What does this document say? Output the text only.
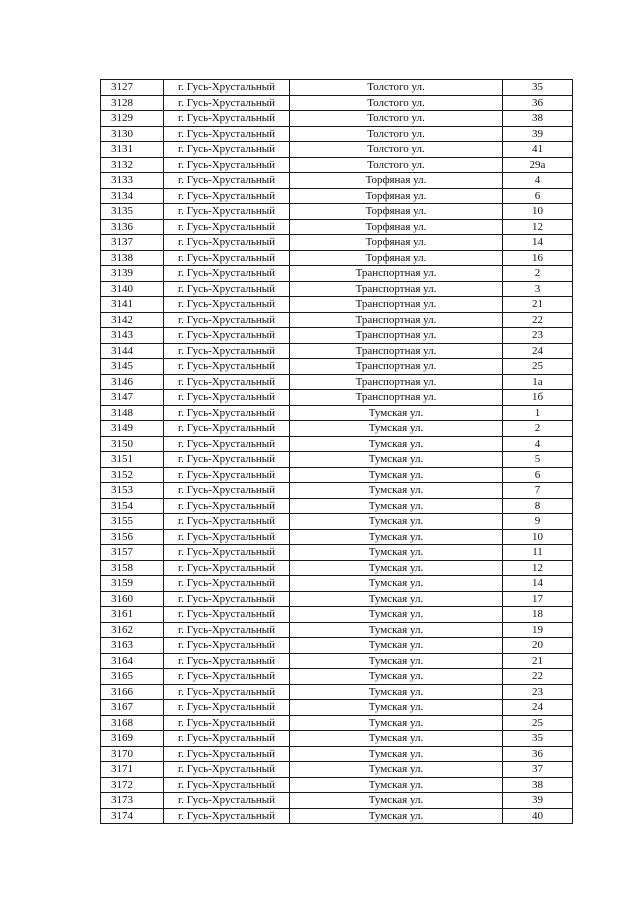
3127	г. Гусь-Хрустальный	Толстого ул.	35
3128	г. Гусь-Хрустальный	Толстого ул.	36
3129	г. Гусь-Хрустальный	Толстого ул.	38
3130	г. Гусь-Хрустальный	Толстого ул.	39
3131	г. Гусь-Хрустальный	Толстого ул.	41
3132	г. Гусь-Хрустальный	Толстого ул.	29а
3133	г. Гусь-Хрустальный	Торфяная ул.	4
3134	г. Гусь-Хрустальный	Торфяная ул.	6
3135	г. Гусь-Хрустальный	Торфяная ул.	10
3136	г. Гусь-Хрустальный	Торфяная ул.	12
3137	г. Гусь-Хрустальный	Торфяная ул.	14
3138	г. Гусь-Хрустальный	Торфяная ул.	16
3139	г. Гусь-Хрустальный	Транспортная ул.	2
3140	г. Гусь-Хрустальный	Транспортная ул.	3
3141	г. Гусь-Хрустальный	Транспортная ул.	21
3142	г. Гусь-Хрустальный	Транспортная ул.	22
3143	г. Гусь-Хрустальный	Транспортная ул.	23
3144	г. Гусь-Хрустальный	Транспортная ул.	24
3145	г. Гусь-Хрустальный	Транспортная ул.	25
3146	г. Гусь-Хрустальный	Транспортная ул.	1а
3147	г. Гусь-Хрустальный	Транспортная ул.	1б
3148	г. Гусь-Хрустальный	Тумская ул.	1
3149	г. Гусь-Хрустальный	Тумская ул.	2
3150	г. Гусь-Хрустальный	Тумская ул.	4
3151	г. Гусь-Хрустальный	Тумская ул.	5
3152	г. Гусь-Хрустальный	Тумская ул.	6
3153	г. Гусь-Хрустальный	Тумская ул.	7
3154	г. Гусь-Хрустальный	Тумская ул.	8
3155	г. Гусь-Хрустальный	Тумская ул.	9
3156	г. Гусь-Хрустальный	Тумская ул.	10
3157	г. Гусь-Хрустальный	Тумская ул.	11
3158	г. Гусь-Хрустальный	Тумская ул.	12
3159	г. Гусь-Хрустальный	Тумская ул.	14
3160	г. Гусь-Хрустальный	Тумская ул.	17
3161	г. Гусь-Хрустальный	Тумская ул.	18
3162	г. Гусь-Хрустальный	Тумская ул.	19
3163	г. Гусь-Хрустальный	Тумская ул.	20
3164	г. Гусь-Хрустальный	Тумская ул.	21
3165	г. Гусь-Хрустальный	Тумская ул.	22
3166	г. Гусь-Хрустальный	Тумская ул.	23
3167	г. Гусь-Хрустальный	Тумская ул.	24
3168	г. Гусь-Хрустальный	Тумская ул.	25
3169	г. Гусь-Хрустальный	Тумская ул.	35
3170	г. Гусь-Хрустальный	Тумская ул.	36
3171	г. Гусь-Хрустальный	Тумская ул.	37
3172	г. Гусь-Хрустальный	Тумская ул.	38
3173	г. Гусь-Хрустальный	Тумская ул.	39
3174	г. Гусь-Хрустальный	Тумская ул.	40
